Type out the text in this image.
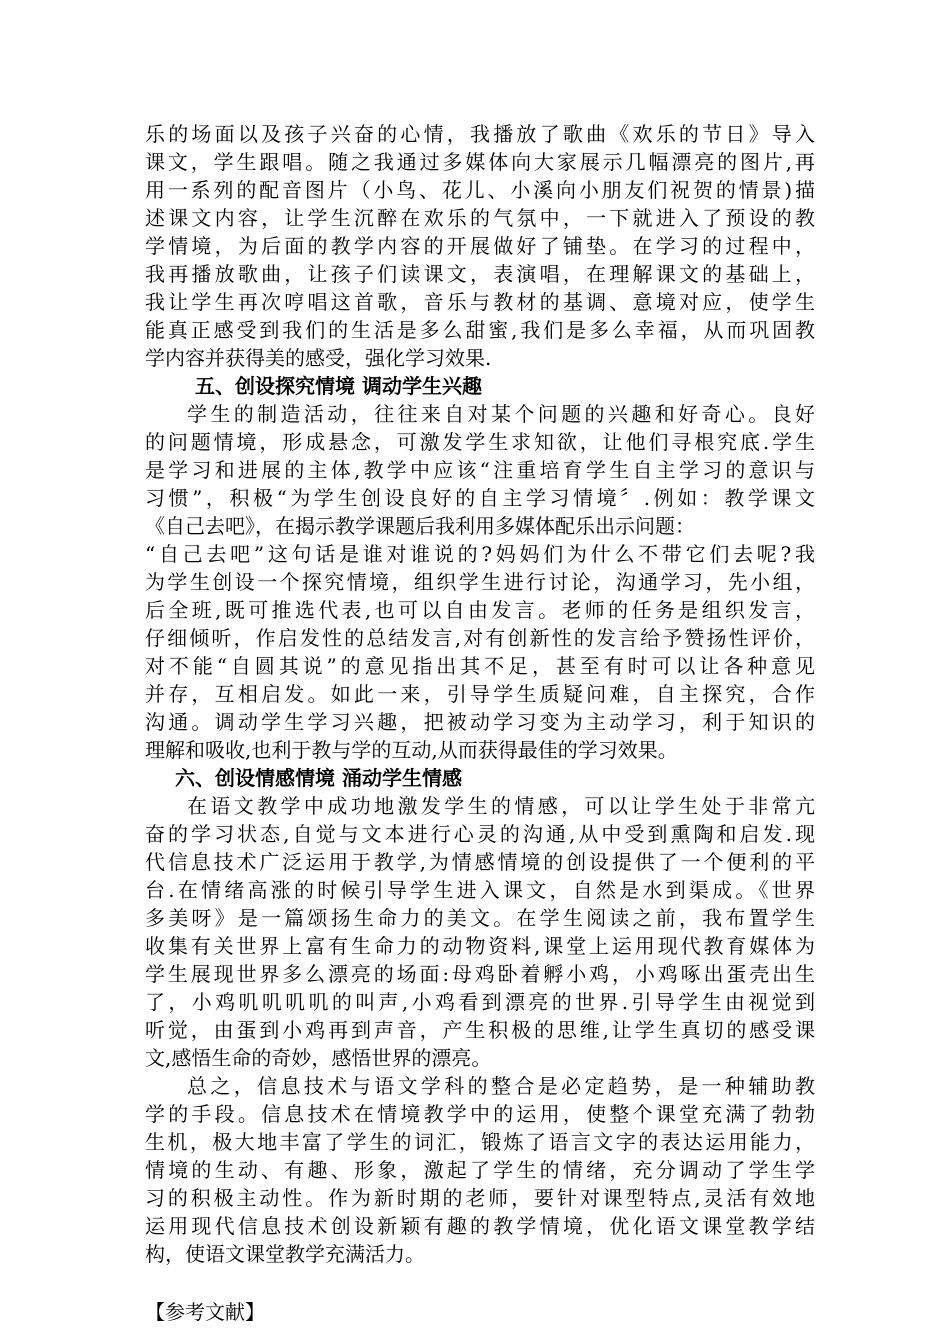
乐的场面以及孩子兴奋的心情，我播放了歌曲《欢乐的节日》导入
课文，学生跟唱。随之我通过多媒体向大家展示几幅漂亮的图片,再
用一系列的配音图片（小鸟、花儿、小溪向小朋友们祝贺的情景)描
述课文内容，让学生沉醉在欢乐的气氛中，一下就进入了预设的教
学情境，为后面的教学内容的开展做好了铺垫。在学习的过程中，
我再播放歌曲，让孩子们读课文，表演唱，在理解课文的基础上，
我让学生再次哼唱这首歌，音乐与教材的基调、意境对应，使学生
能真正感受到我们的生活是多么甜蜜,我们是多么幸福，从而巩固教
学内容并获得美的感受，强化学习效果.
五、创设探究情境 调动学生兴趣
学生的制造活动，往往来自对某个问题的兴趣和好奇心。良好
的问题情境，形成悬念，可激发学生求知欲，让他们寻根究底.学生
是学习和进展的主体,教学中应该“注重培育学生自主学习的意识与
习惯”，积极“为学生创设良好的自主学习情境〞.例如：教学课文
《自己去吧》，在揭示教学课题后我利用多媒体配乐出示问题：
“自己去吧”这句话是谁对谁说的?妈妈们为什么不带它们去呢?我
为学生创设一个探究情境，组织学生进行讨论，沟通学习，先小组，
后全班,既可推选代表,也可以自由发言。老师的任务是组织发言，
仔细倾听，作启发性的总结发言,对有创新性的发言给予赞扬性评价，
对不能“自圆其说”的意见指出其不足，甚至有时可以让各种意见
并存，互相启发。如此一来，引导学生质疑问难，自主探究，合作
沟通。调动学生学习兴趣，把被动学习变为主动学习，利于知识的
理解和吸收,也利于教与学的互动,从而获得最佳的学习效果。
六、创设情感情境 涌动学生情感
在语文教学中成功地激发学生的情感，可以让学生处于非常亢
奋的学习状态,自觉与文本进行心灵的沟通,从中受到熏陶和启发.现
代信息技术广泛运用于教学,为情感情境的创设提供了一个便利的平
台.在情绪高涨的时候引导学生进入课文，自然是水到渠成。《世界
多美呀》是一篇颂扬生命力的美文。在学生阅读之前，我布置学生
收集有关世界上富有生命力的动物资料,课堂上运用现代教育媒体为
学生展现世界多么漂亮的场面:母鸡卧着孵小鸡，小鸡啄出蛋壳出生
了，小鸡叽叽叽叽的叫声,小鸡看到漂亮的世界.引导学生由视觉到
听觉，由蛋到小鸡再到声音，产生积极的思维,让学生真切的感受课
文,感悟生命的奇妙，感悟世界的漂亮。
总之，信息技术与语文学科的整合是必定趋势，是一种辅助教
学的手段。信息技术在情境教学中的运用，使整个课堂充满了勃勃
生机，极大地丰富了学生的词汇，锻炼了语言文字的表达运用能力，
情境的生动、有趣、形象，激起了学生的情绪，充分调动了学生学
习的积极主动性。作为新时期的老师，要针对课型特点,灵活有效地
运用现代信息技术创设新颖有趣的教学情境，优化语文课堂教学结
构，使语文课堂教学充满活力。
【参考文献】
